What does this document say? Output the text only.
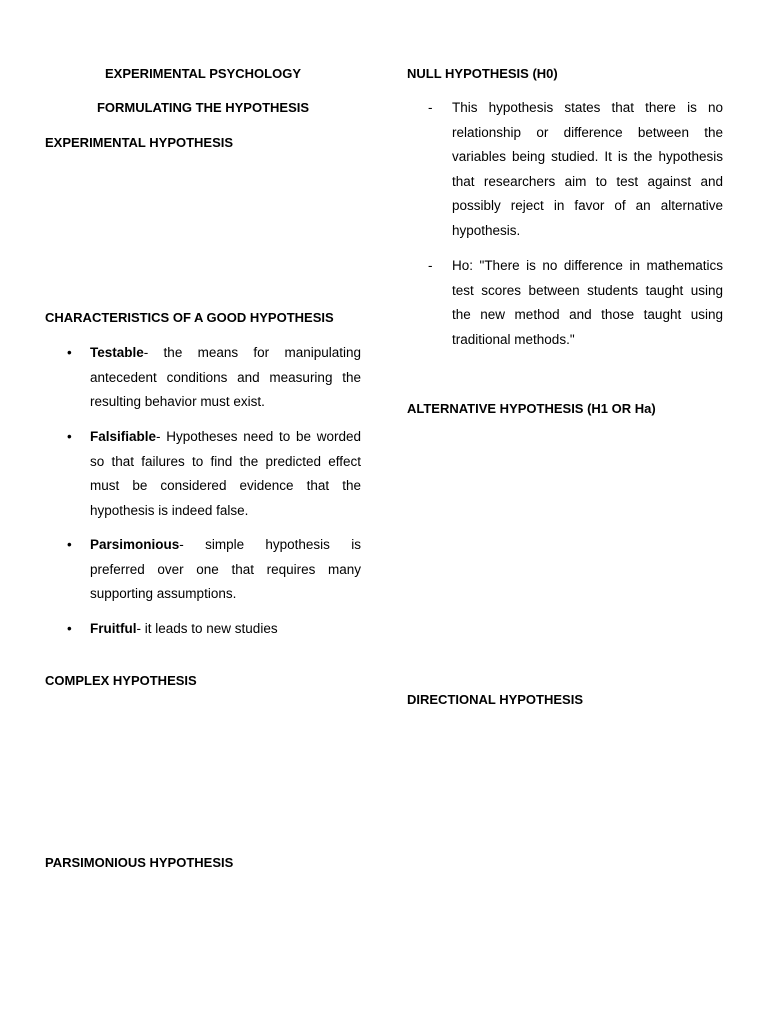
EXPERIMENTAL PSYCHOLOGY
FORMULATING THE HYPOTHESIS
EXPERIMENTAL HYPOTHESIS
CHARACTERISTICS OF A GOOD HYPOTHESIS
• Testable- the means for manipulating antecedent conditions and measuring the resulting behavior must exist.
• Falsifiable- Hypotheses need to be worded so that failures to find the predicted effect must be considered evidence that the hypothesis is indeed false.
• Parsimonious- simple hypothesis is preferred over one that requires many supporting assumptions.
• Fruitful- it leads to new studies
COMPLEX HYPOTHESIS
PARSIMONIOUS HYPOTHESIS
NULL HYPOTHESIS (H0)
- This hypothesis states that there is no relationship or difference between the variables being studied. It is the hypothesis that researchers aim to test against and possibly reject in favor of an alternative hypothesis.
- Ho: "There is no difference in mathematics test scores between students taught using the new method and those taught using traditional methods."
ALTERNATIVE HYPOTHESIS (H1 OR Ha)
DIRECTIONAL HYPOTHESIS
